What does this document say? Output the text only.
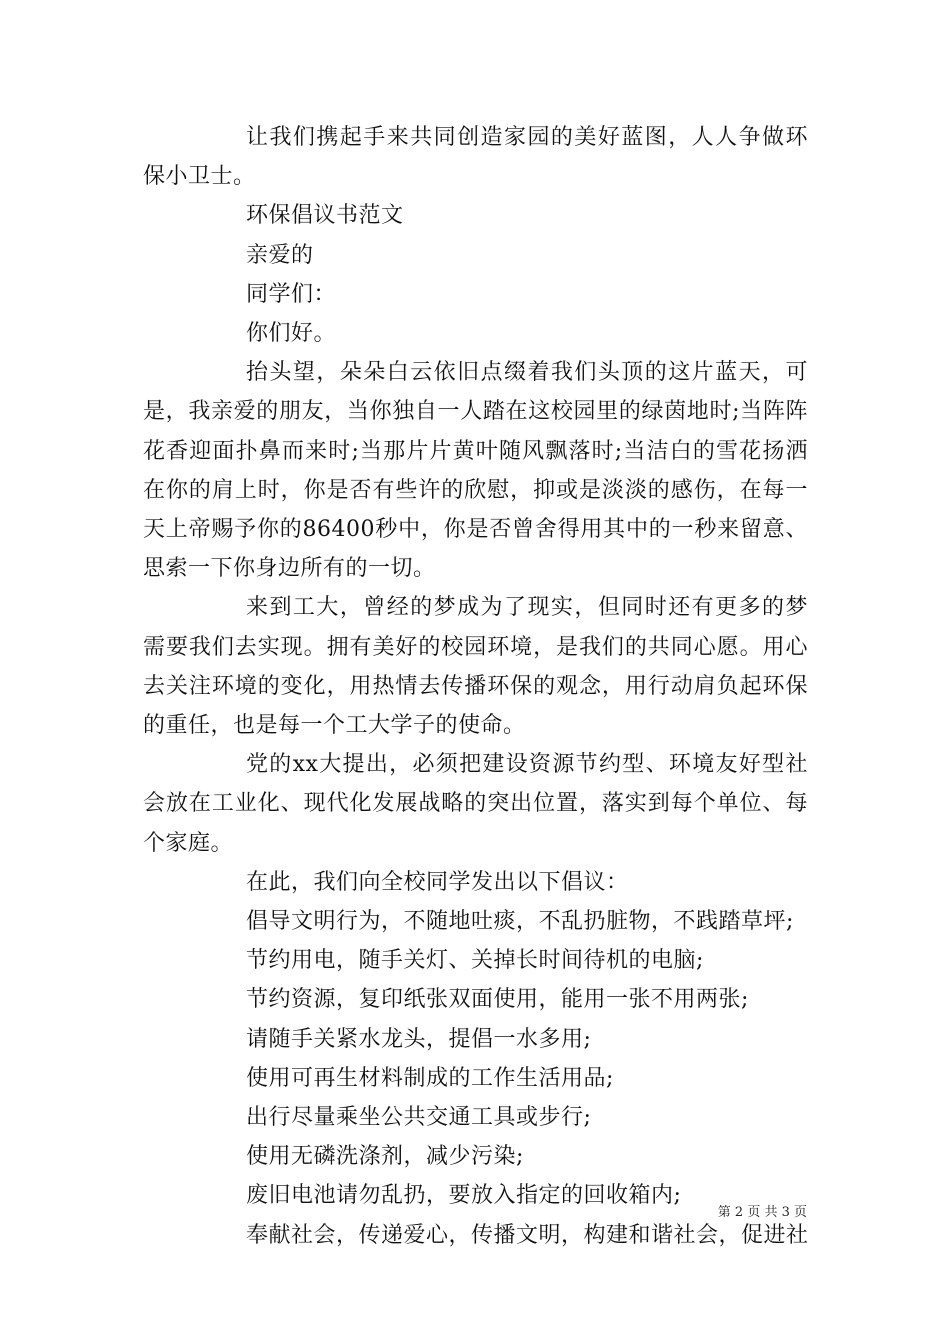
让我们携起手来共同创造家园的美好蓝图，人人争做环保小卫士。

环保倡议书范文

亲爱的

同学们：

你们好。

抬头望，朵朵白云依旧点缀着我们头顶的这片蓝天，可是，我亲爱的朋友，当你独自一人踏在这校园里的绿茵地时;当阵阵花香迎面扑鼻而来时;当那片片黄叶随风飘落时;当洁白的雪花扬洒在你的肩上时，你是否有些许的欣慰，抑或是淡淡的感伤，在每一天上帝赐予你的86400秒中，你是否曾舍得用其中的一秒来留意、思索一下你身边所有的一切。

来到工大，曾经的梦成为了现实，但同时还有更多的梦需要我们去实现。拥有美好的校园环境，是我们的共同心愿。用心去关注环境的变化，用热情去传播环保的观念，用行动肩负起环保的重任，也是每一个工大学子的使命。

党的xx大提出，必须把建设资源节约型、环境友好型社会放在工业化、现代化发展战略的突出位置，落实到每个单位、每个家庭。

在此，我们向全校同学发出以下倡议：

倡导文明行为，不随地吐痰，不乱扔脏物，不践踏草坪;

节约用电，随手关灯、关掉长时间待机的电脑;

节约资源，复印纸张双面使用，能用一张不用两张;

请随手关紧水龙头，提倡一水多用;

使用可再生材料制成的工作生活用品;

出行尽量乘坐公共交通工具或步行;

使用无磷洗涤剂，减少污染;

废旧电池请勿乱扔，要放入指定的回收箱内;

奉献社会，传递爱心，传播文明，构建和谐社会，促进社

第 2 页 共 3 页
